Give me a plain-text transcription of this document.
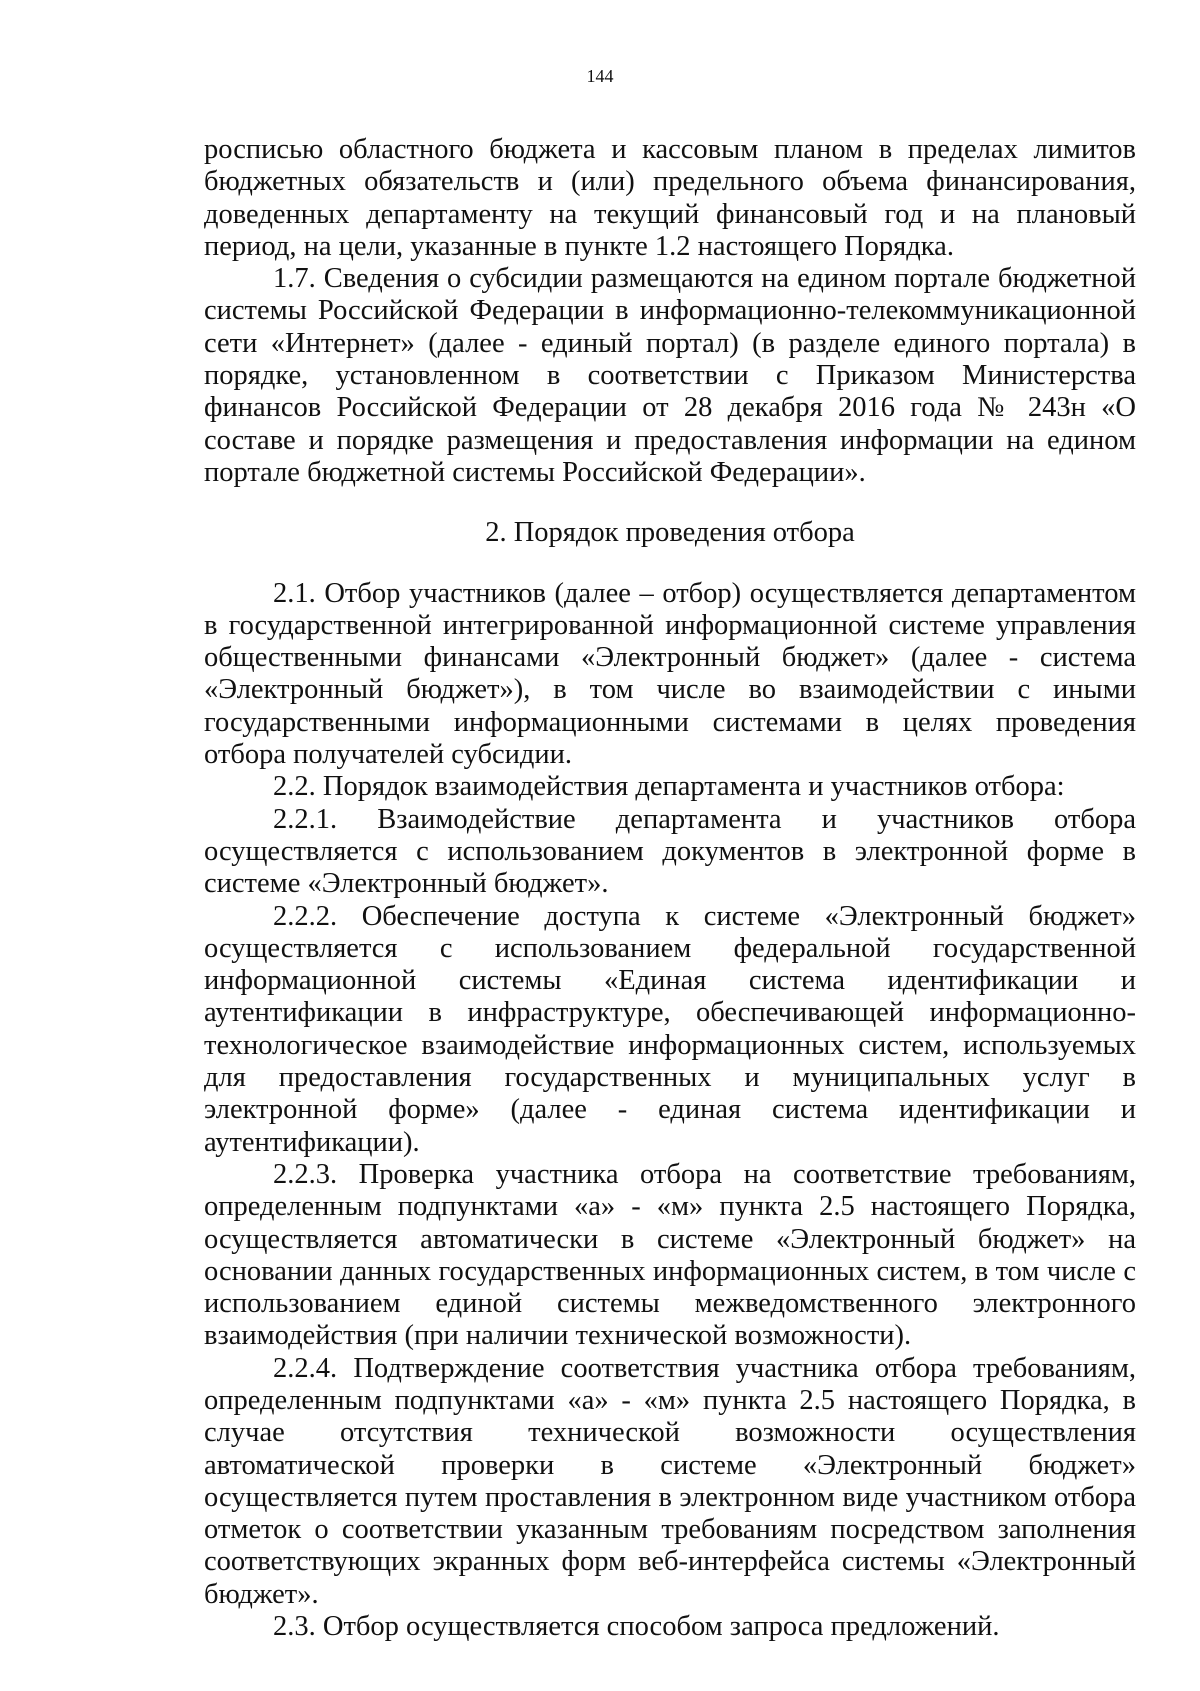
144

росписью областного бюджета и кассовым планом в пределах лимитов бюджетных обязательств и (или) предельного объема финансирования, доведенных департаменту на текущий финансовый год и на плановый период, на цели, указанные в пункте 1.2 настоящего Порядка.

1.7. Сведения о субсидии размещаются на едином портале бюджетной системы Российской Федерации в информационно-телекоммуникационной сети «Интернет» (далее - единый портал) (в разделе единого портала) в порядке, установленном в соответствии с Приказом Министерства финансов Российской Федерации от 28 декабря 2016 года № 243н «О составе и порядке размещения и предоставления информации на едином портале бюджетной системы Российской Федерации».

2. Порядок проведения отбора

2.1. Отбор участников (далее – отбор) осуществляется департаментом в государственной интегрированной информационной системе управления общественными финансами «Электронный бюджет» (далее - система «Электронный бюджет»), в том числе во взаимодействии с иными государственными информационными системами в целях проведения отбора получателей субсидии.

2.2. Порядок взаимодействия департамента и участников отбора:

2.2.1. Взаимодействие департамента и участников отбора осуществляется с использованием документов в электронной форме в системе «Электронный бюджет».

2.2.2. Обеспечение доступа к системе «Электронный бюджет» осуществляется с использованием федеральной государственной информационной системы «Единая система идентификации и аутентификации в инфраструктуре, обеспечивающей информационно-технологическое взаимодействие информационных систем, используемых для предоставления государственных и муниципальных услуг в электронной форме» (далее - единая система идентификации и аутентификации).

2.2.3. Проверка участника отбора на соответствие требованиям, определенным подпунктами «а» - «м» пункта 2.5 настоящего Порядка, осуществляется автоматически в системе «Электронный бюджет» на основании данных государственных информационных систем, в том числе с использованием единой системы межведомственного электронного взаимодействия (при наличии технической возможности).

2.2.4. Подтверждение соответствия участника отбора требованиям, определенным подпунктами «а» - «м» пункта 2.5 настоящего Порядка, в случае отсутствия технической возможности осуществления автоматической проверки в системе «Электронный бюджет» осуществляется путем проставления в электронном виде участником отбора отметок о соответствии указанным требованиям посредством заполнения соответствующих экранных форм веб-интерфейса системы «Электронный бюджет».

2.3. Отбор осуществляется способом запроса предложений.
